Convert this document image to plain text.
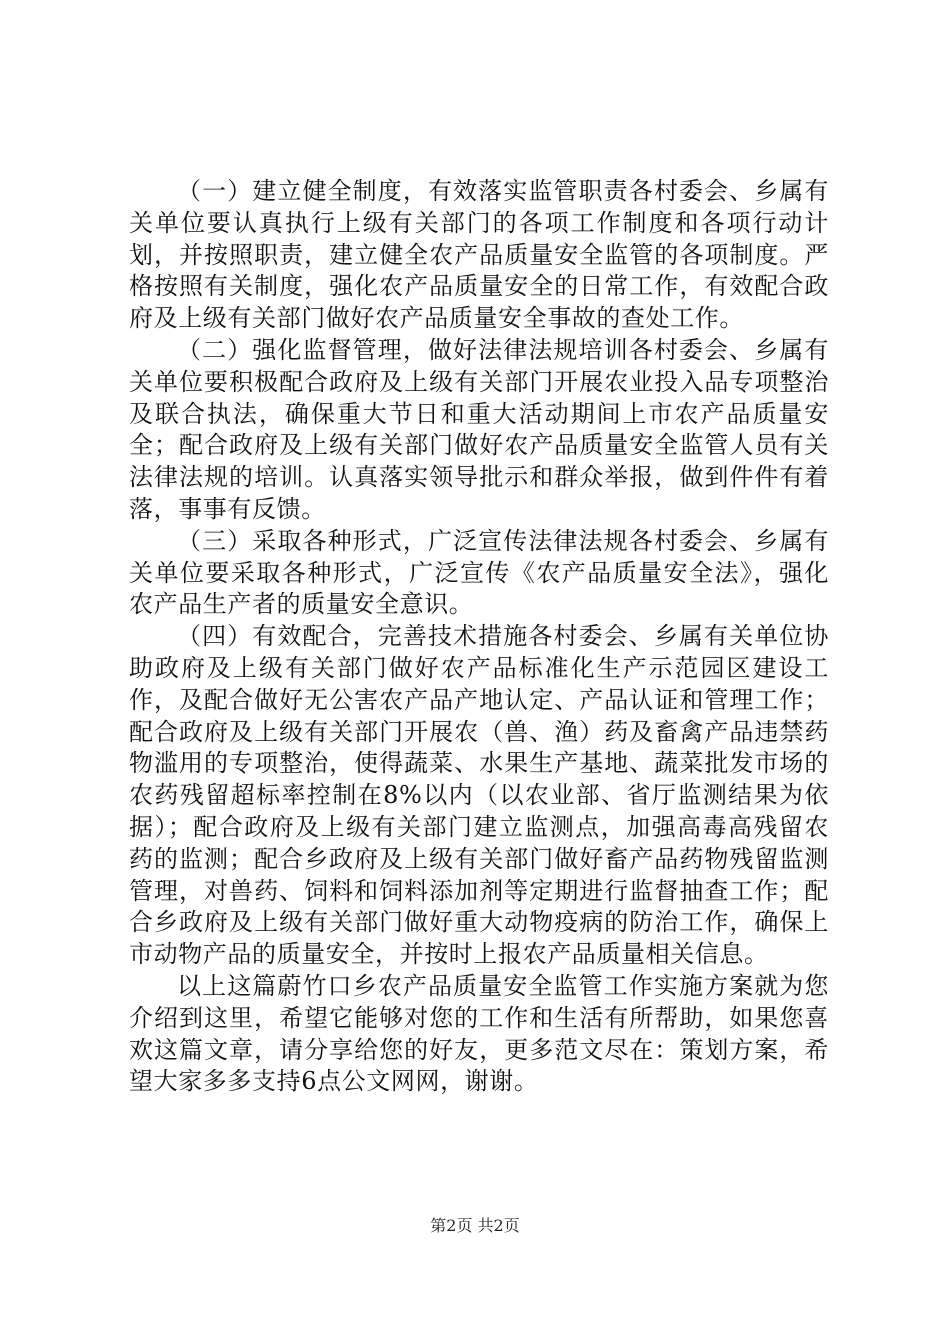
（一）建立健全制度，有效落实监管职责各村委会、乡属有关单位要认真执行上级有关部门的各项工作制度和各项行动计划，并按照职责，建立健全农产品质量安全监管的各项制度。严格按照有关制度，强化农产品质量安全的日常工作，有效配合政府及上级有关部门做好农产品质量安全事故的查处工作。

（二）强化监督管理，做好法律法规培训各村委会、乡属有关单位要积极配合政府及上级有关部门开展农业投入品专项整治及联合执法，确保重大节日和重大活动期间上市农产品质量安全；配合政府及上级有关部门做好农产品质量安全监管人员有关法律法规的培训。认真落实领导批示和群众举报，做到件件有着落，事事有反馈。

（三）采取各种形式，广泛宣传法律法规各村委会、乡属有关单位要采取各种形式，广泛宣传《农产品质量安全法》，强化农产品生产者的质量安全意识。

（四）有效配合，完善技术措施各村委会、乡属有关单位协助政府及上级有关部门做好农产品标准化生产示范园区建设工作，及配合做好无公害农产品产地认定、产品认证和管理工作；配合政府及上级有关部门开展农（兽、渔）药及畜禽产品违禁药物滥用的专项整治，使得蔬菜、水果生产基地、蔬菜批发市场的农药残留超标率控制在8%以内（以农业部、省厅监测结果为依据）；配合政府及上级有关部门建立监测点，加强高毒高残留农药的监测；配合乡政府及上级有关部门做好畜产品药物残留监测管理，对兽药、饲料和饲料添加剂等定期进行监督抽查工作；配合乡政府及上级有关部门做好重大动物疫病的防治工作，确保上市动物产品的质量安全，并按时上报农产品质量相关信息。

以上这篇蔚竹口乡农产品质量安全监管工作实施方案就为您介绍到这里，希望它能够对您的工作和生活有所帮助，如果您喜欢这篇文章，请分享给您的好友，更多范文尽在：策划方案，希望大家多多支持6点公文网网，谢谢。

第2页 共2页
